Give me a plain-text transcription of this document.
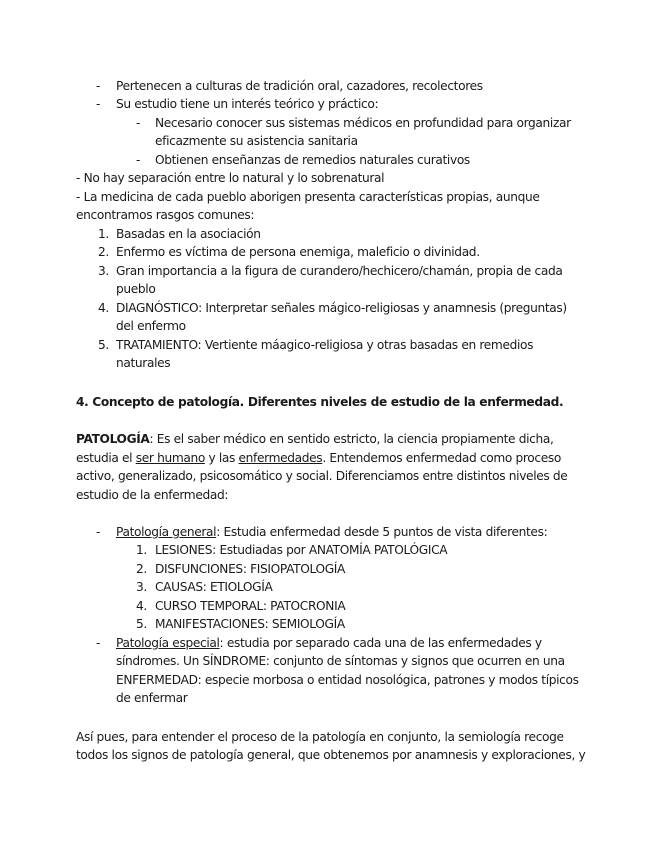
- Pertenecen a culturas de tradición oral, cazadores, recolectores
- Su estudio tiene un interés teórico y práctico:
- Necesario conocer sus sistemas médicos en profundidad para organizar
eficazmente su asistencia sanitaria
- Obtienen enseñanzas de remedios naturales curativos
- No hay separación entre lo natural y lo sobrenatural
- La medicina de cada pueblo aborigen presenta características propias, aunque
encontramos rasgos comunes:
1. Basadas en la asociación
2. Enfermo es víctima de persona enemiga, maleficio o divinidad.
3. Gran importancia a la figura de curandero/hechicero/chamán, propia de cada
pueblo
4. DIAGNÓSTICO: Interpretar señales mágico-religiosas y anamnesis (preguntas)
del enfermo
5. TRATAMIENTO: Vertiente máagico-religiosa y otras basadas en remedios
naturales
4. Concepto de patología. Diferentes niveles de estudio de la enfermedad.
PATOLOGÍA: Es el saber médico en sentido estricto, la ciencia propiamente dicha,
estudia el ser humano y las enfermedades. Entendemos enfermedad como proceso
activo, generalizado, psicosomático y social. Diferenciamos entre distintos niveles de
estudio de la enfermedad:
- Patología general: Estudia enfermedad desde 5 puntos de vista diferentes:
1. LESIONES: Estudiadas por ANATOMÍA PATOLÓGICA
2. DISFUNCIONES: FISIOPATOLOGÍA
3. CAUSAS: ETIOLOGÍA
4. CURSO TEMPORAL: PATOCRONIA
5. MANIFESTACIONES: SEMIOLOGÍA
- Patología especial: estudia por separado cada una de las enfermedades y
síndromes. Un SÍNDROME: conjunto de síntomas y signos que ocurren en una
ENFERMEDAD: especie morbosa o entidad nosológica, patrones y modos típicos
de enfermar
Así pues, para entender el proceso de la patología en conjunto, la semiología recoge
todos los signos de patología general, que obtenemos por anamnesis y exploraciones, y
